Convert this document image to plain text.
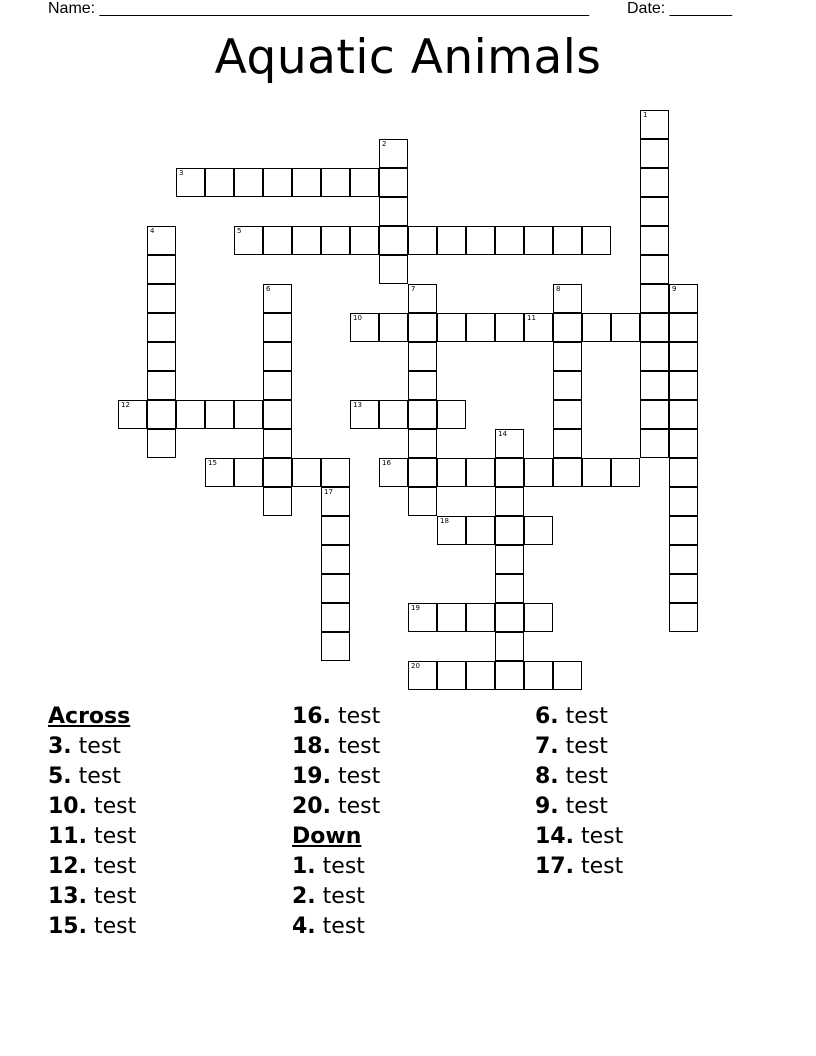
Name: _______________________________________________________ Date: _______
Aquatic Animals
1
2
3
4	5
6	7	8	9
10	11
12	13
14
15	16
17
18
19
20
Across
3. test
5. test
10. test
11. test
12. test
13. test
15. test
16. test
18. test
19. test
20. test
Down
1. test
2. test
4. test
6. test
7. test
8. test
9. test
14. test
17. test
